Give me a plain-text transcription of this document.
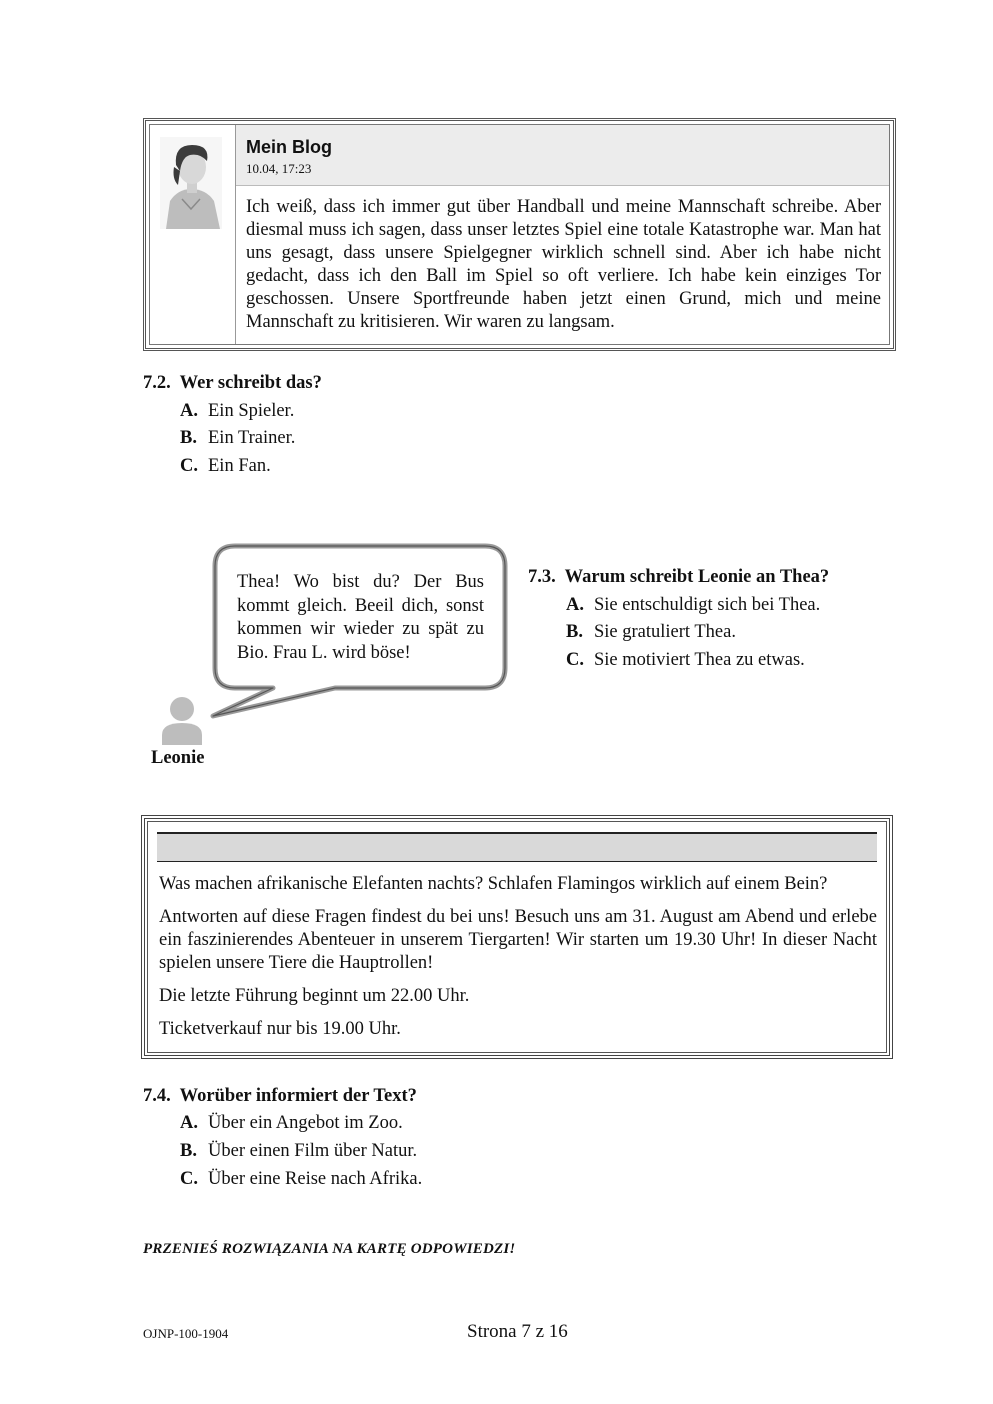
Mein Blog
10.04, 17:23
Ich weiß, dass ich immer gut über Handball und meine Mannschaft schreibe. Aber diesmal muss ich sagen, dass unser letztes Spiel eine totale Katastrophe war. Man hat uns gesagt, dass unsere Spielgegner wirklich schnell sind. Aber ich habe nicht gedacht, dass ich den Ball im Spiel so oft verliere. Ich habe kein einziges Tor geschossen. Unsere Sportfreunde haben jetzt einen Grund, mich und meine Mannschaft zu kritisieren. Wir waren zu langsam.
7.2. Wer schreibt das?
A. Ein Spieler.
B. Ein Trainer.
C. Ein Fan.
Thea! Wo bist du? Der Bus kommt gleich. Beeil dich, sonst kommen wir wieder zu spät zu Bio. Frau L. wird böse!
Leonie
7.3. Warum schreibt Leonie an Thea?
A. Sie entschuldigt sich bei Thea.
B. Sie gratuliert Thea.
C. Sie motiviert Thea zu etwas.
Was machen afrikanische Elefanten nachts? Schlafen Flamingos wirklich auf einem Bein?
Antworten auf diese Fragen findest du bei uns! Besuch uns am 31. August am Abend und erlebe ein faszinierendes Abenteuer in unserem Tiergarten! Wir starten um 19.30 Uhr! In dieser Nacht spielen unsere Tiere die Hauptrollen!
Die letzte Führung beginnt um 22.00 Uhr.
Ticketverkauf nur bis 19.00 Uhr.
7.4. Worüber informiert der Text?
A. Über ein Angebot im Zoo.
B. Über einen Film über Natur.
C. Über eine Reise nach Afrika.
PRZENIEŚ ROZWIĄZANIA NA KARTĘ ODPOWIEDZI!
OJNP-100-1904	Strona 7 z 16
